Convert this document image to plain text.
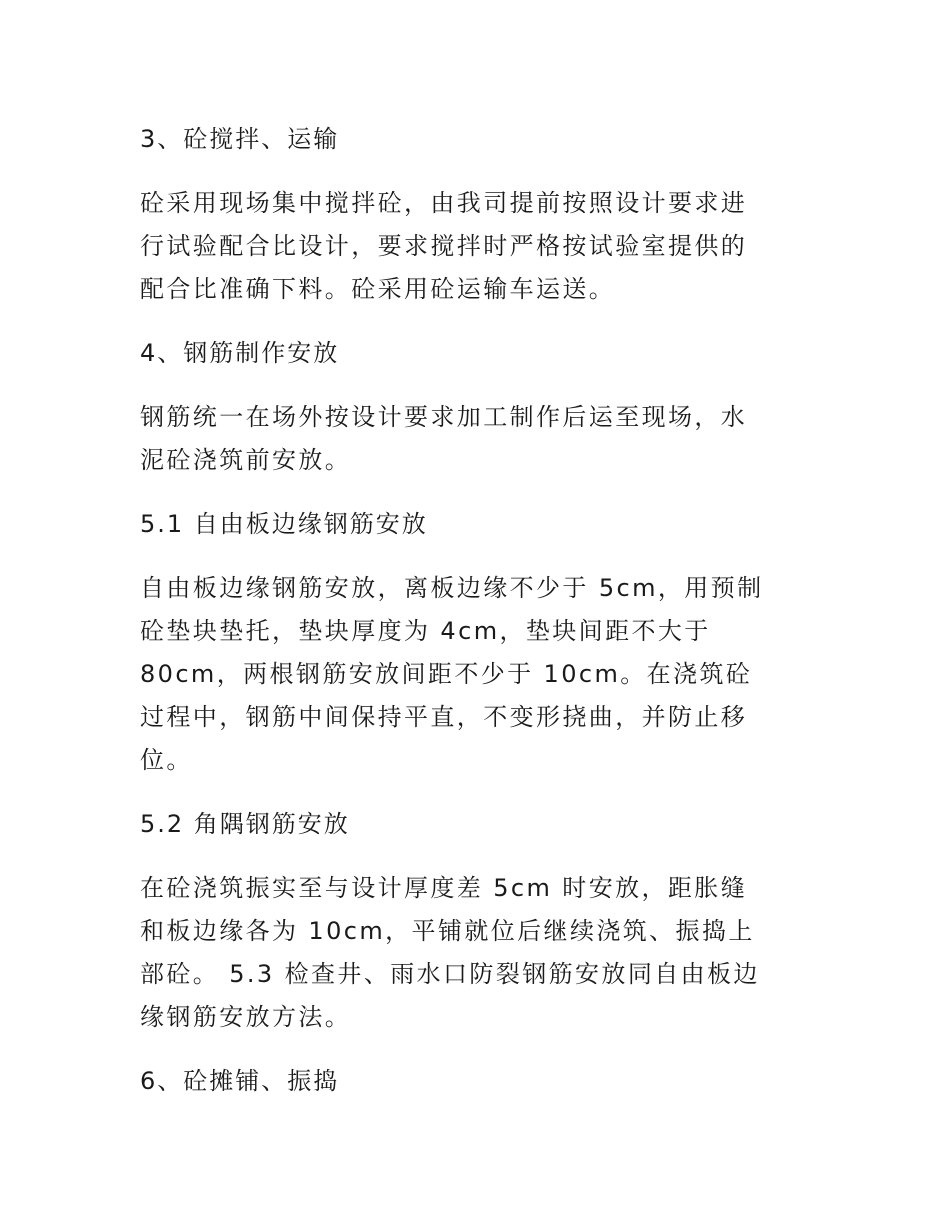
3、砼搅拌、运输

砼采用现场集中搅拌砼，由我司提前按照设计要求进

行试验配合比设计，要求搅拌时严格按试验室提供的

配合比准确下料。砼采用砼运输车运送。

4、钢筋制作安放

钢筋统一在场外按设计要求加工制作后运至现场，水

泥砼浇筑前安放。

5.1 自由板边缘钢筋安放

自由板边缘钢筋安放，离板边缘不少于 5cm，用预制

砼垫块垫托，垫块厚度为 4cm，垫块间距不大于

80cm，两根钢筋安放间距不少于 10cm。在浇筑砼

过程中，钢筋中间保持平直，不变形挠曲，并防止移

位。

5.2 角隅钢筋安放

在砼浇筑振实至与设计厚度差 5cm 时安放，距胀缝

和板边缘各为 10cm，平铺就位后继续浇筑、振捣上

部砼。 5.3 检查井、雨水口防裂钢筋安放同自由板边

缘钢筋安放方法。

6、砼摊铺、振捣
